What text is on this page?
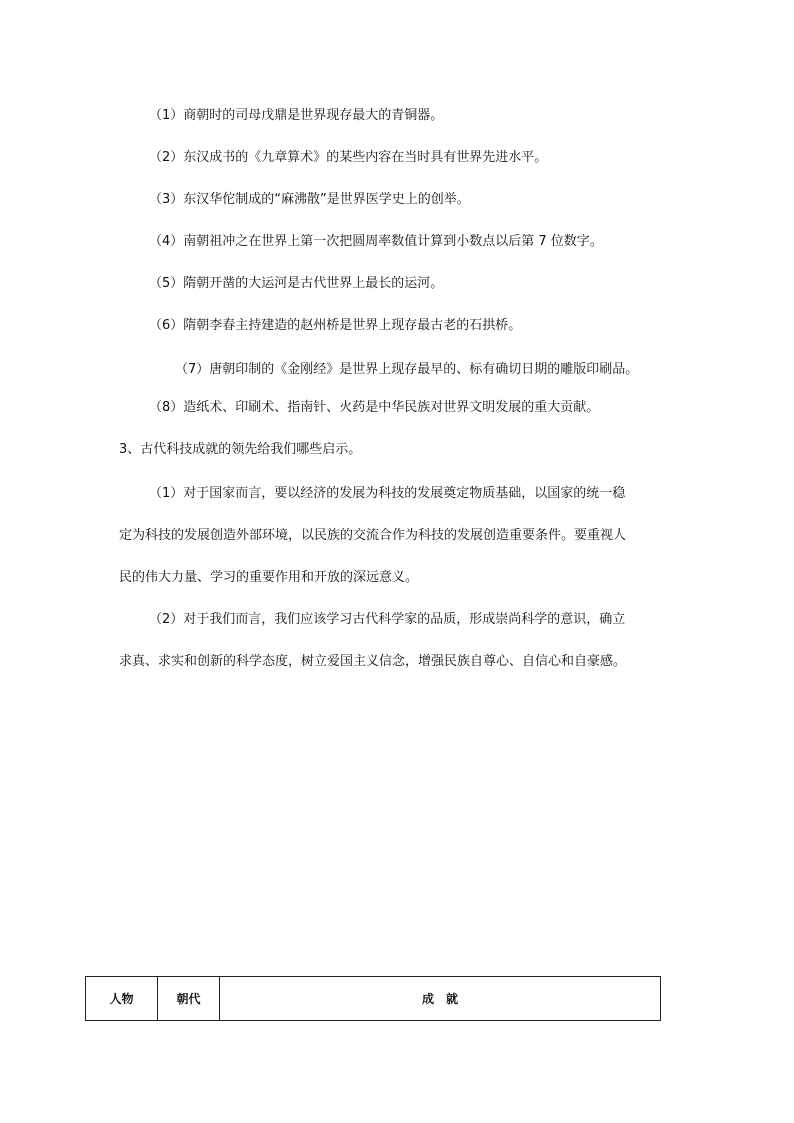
（1）商朝时的司母戊鼎是世界现存最大的青铜器。
（2）东汉成书的《九章算术》的某些内容在当时具有世界先进水平。
（3）东汉华佗制成的“麻沸散”是世界医学史上的创举。
（4）南朝祖冲之在世界上第一次把圆周率数值计算到小数点以后第 7 位数字。
（5）隋朝开凿的大运河是古代世界上最长的运河。
（6）隋朝李春主持建造的赵州桥是世界上现存最古老的石拱桥。
（7）唐朝印制的《金刚经》是世界上现存最早的、标有确切日期的雕版印刷品。
（8）造纸术、印刷术、指南针、火药是中华民族对世界文明发展的重大贡献。
3、古代科技成就的领先给我们哪些启示。
（1）对于国家而言，要以经济的发展为科技的发展奠定物质基础，以国家的统一稳
定为科技的发展创造外部环境，以民族的交流合作为科技的发展创造重要条件。要重视人
民的伟大力量、学习的重要作用和开放的深远意义。
（2）对于我们而言，我们应该学习古代科学家的品质，形成崇尚科学的意识，确立
求真、求实和创新的科学态度，树立爱国主义信念，增强民族自尊心、自信心和自豪感。
人物	朝代	成　就
